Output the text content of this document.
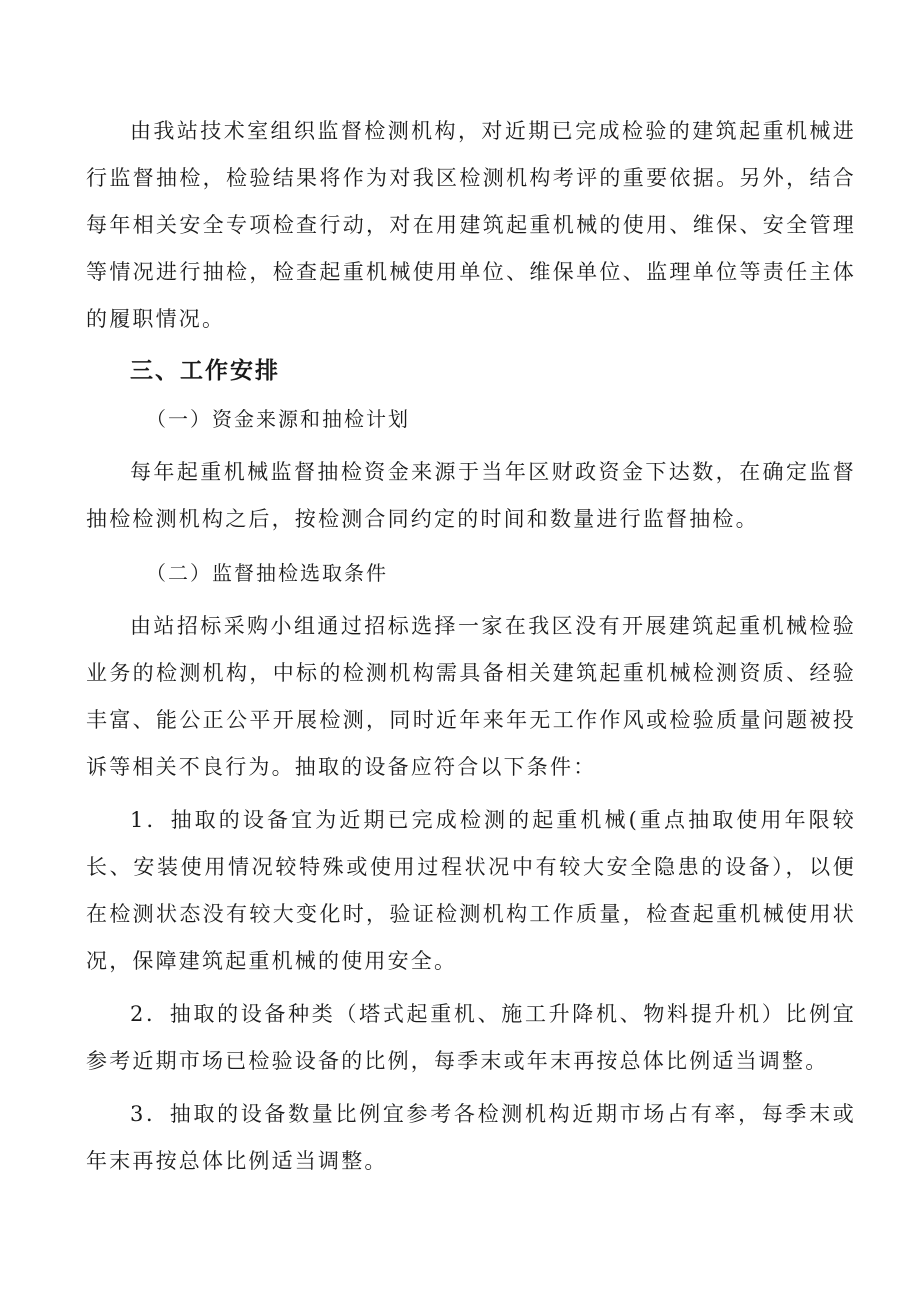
由我站技术室组织监督检测机构，对近期已完成检验的建筑起重机械进行监督抽检，检验结果将作为对我区检测机构考评的重要依据。另外，结合每年相关安全专项检查行动，对在用建筑起重机械的使用、维保、安全管理等情况进行抽检，检查起重机械使用单位、维保单位、监理单位等责任主体的履职情况。

三、工作安排

（一）资金来源和抽检计划

每年起重机械监督抽检资金来源于当年区财政资金下达数，在确定监督抽检检测机构之后，按检测合同约定的时间和数量进行监督抽检。

（二）监督抽检选取条件

由站招标采购小组通过招标选择一家在我区没有开展建筑起重机械检验业务的检测机构，中标的检测机构需具备相关建筑起重机械检测资质、经验丰富、能公正公平开展检测，同时近年来年无工作作风或检验质量问题被投诉等相关不良行为。抽取的设备应符合以下条件：

1．抽取的设备宜为近期已完成检测的起重机械(重点抽取使用年限较长、安装使用情况较特殊或使用过程状况中有较大安全隐患的设备），以便在检测状态没有较大变化时，验证检测机构工作质量，检查起重机械使用状况，保障建筑起重机械的使用安全。

2．抽取的设备种类（塔式起重机、施工升降机、物料提升机）比例宜参考近期市场已检验设备的比例，每季末或年末再按总体比例适当调整。

3．抽取的设备数量比例宜参考各检测机构近期市场占有率，每季末或年末再按总体比例适当调整。
